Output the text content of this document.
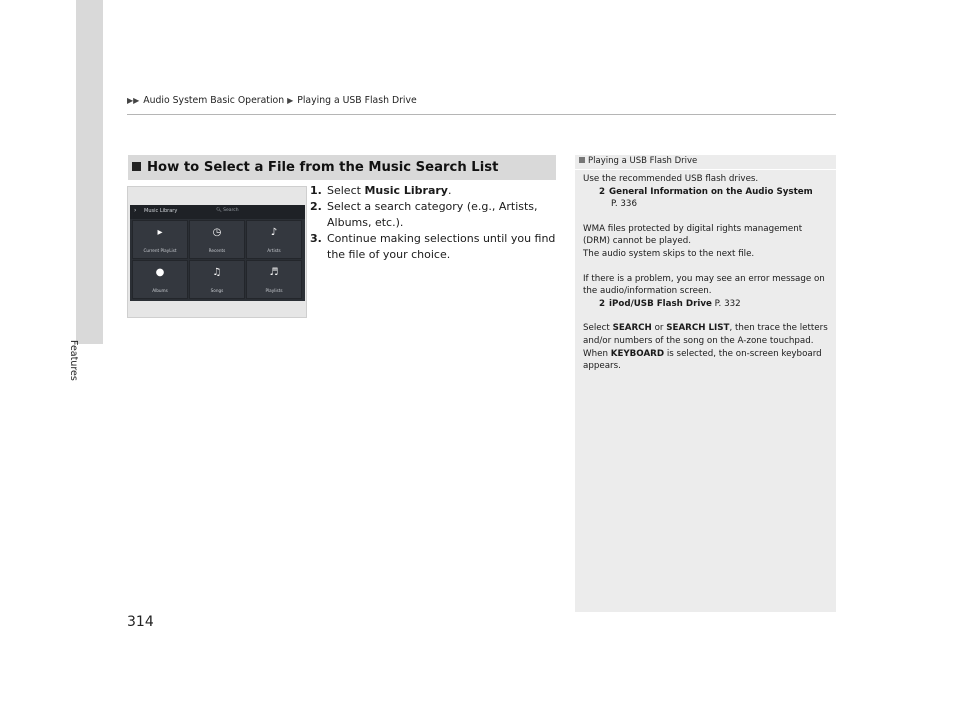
Features
▶▶ Audio System Basic Operation ▶ Playing a USB Flash Drive
How to Select a File from the Music Search List
› Music Library	🔍︎ Search
▸
Current PlayList
◷
Recents
♪
Artists
●
Albums
♫
Songs
♬
Playlists
1. Select Music Library.
2. Select a search category (e.g., Artists, Albums, etc.).
3. Continue making selections until you find the file of your choice.
Playing a USB Flash Drive

Use the recommended USB flash drives.
2 General Information on the Audio System
P. 336

WMA files protected by digital rights management (DRM) cannot be played.
The audio system skips to the next file.

If there is a problem, you may see an error message on the audio/information screen.
2 iPod/USB Flash Drive P. 332

Select SEARCH or SEARCH LIST, then trace the letters and/or numbers of the song on the A-zone touchpad. When KEYBOARD is selected, the on-screen keyboard appears.

314
